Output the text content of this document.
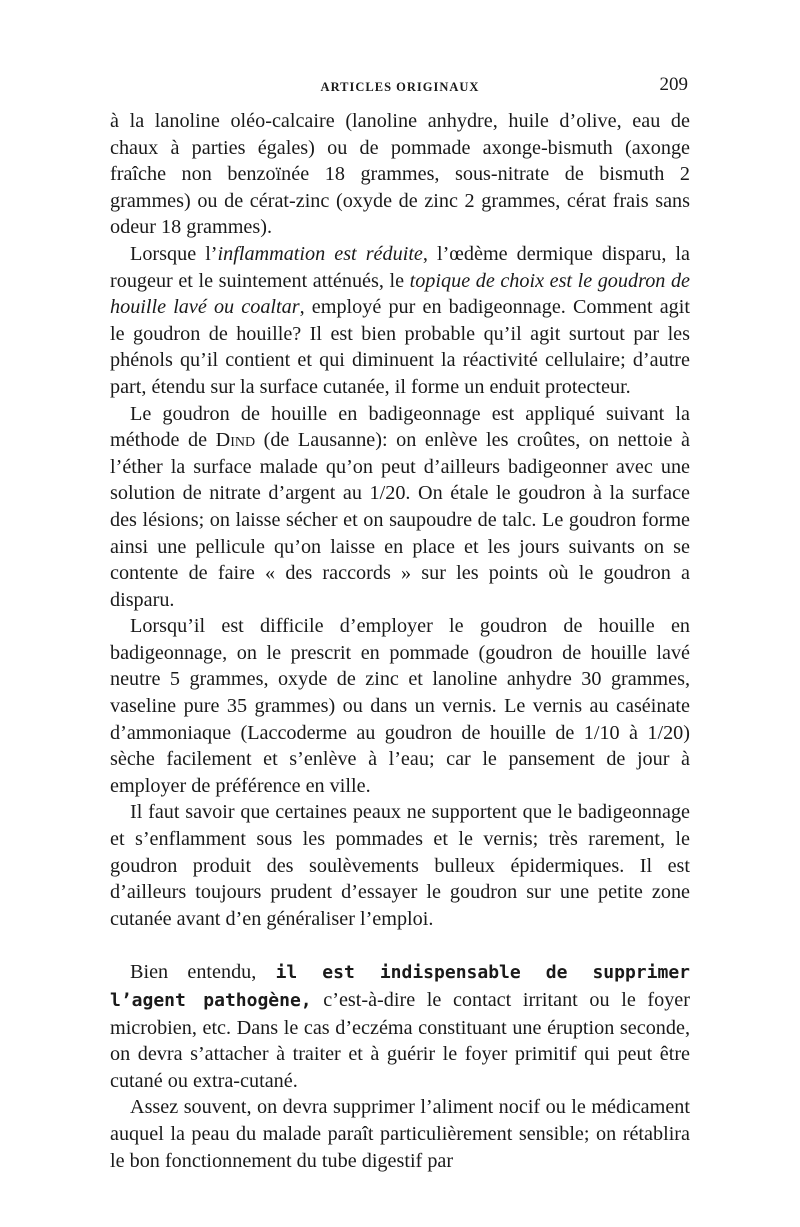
ARTICLES ORIGINAUX	209

à la lanoline oléo-calcaire (lanoline anhydre, huile d’olive, eau de chaux à parties égales) ou de pommade axonge-bismuth (axonge fraîche non benzoïnée 18 grammes, sous-nitrate de bismuth 2 grammes) ou de cérat-zinc (oxyde de zinc 2 grammes, cérat frais sans odeur 18 grammes).

Lorsque l’inflammation est réduite, l’œdème dermique disparu, la rougeur et le suintement atténués, le topique de choix est le goudron de houille lavé ou coaltar, employé pur en badigeonnage. Comment agit le goudron de houille? Il est bien probable qu’il agit surtout par les phénols qu’il contient et qui diminuent la réactivité cellulaire; d’autre part, étendu sur la surface cutanée, il forme un enduit protecteur.

Le goudron de houille en badigeonnage est appliqué suivant la méthode de Dind (de Lausanne): on enlève les croûtes, on nettoie à l’éther la surface malade qu’on peut d’ailleurs badigeonner avec une solution de nitrate d’argent au 1/20. On étale le goudron à la surface des lésions; on laisse sécher et on saupoudre de talc. Le goudron forme ainsi une pellicule qu’on laisse en place et les jours suivants on se contente de faire « des raccords » sur les points où le goudron a disparu.

Lorsqu’il est difficile d’employer le goudron de houille en badigeonnage, on le prescrit en pommade (goudron de houille lavé neutre 5 grammes, oxyde de zinc et lanoline anhydre 30 grammes, vaseline pure 35 grammes) ou dans un vernis. Le vernis au caséinate d’ammoniaque (Laccoderme au goudron de houille de 1/10 à 1/20) sèche facilement et s’enlève à l’eau; car le pansement de jour à employer de préférence en ville.

Il faut savoir que certaines peaux ne supportent que le badigeonnage et s’enflamment sous les pommades et le vernis; très rarement, le goudron produit des soulèvements bulleux épidermiques. Il est d’ailleurs toujours prudent d’essayer le goudron sur une petite zone cutanée avant d’en généraliser l’emploi.

Bien entendu, il est indispensable de supprimer l’agent pathogène, c’est-à-dire le contact irritant ou le foyer microbien, etc. Dans le cas d’eczéma constituant une éruption seconde, on devra s’attacher à traiter et à guérir le foyer primitif qui peut être cutané ou extra-cutané.

Assez souvent, on devra supprimer l’aliment nocif ou le médicament auquel la peau du malade paraît particulièrement sensible; on rétablira le bon fonctionnement du tube digestif par
